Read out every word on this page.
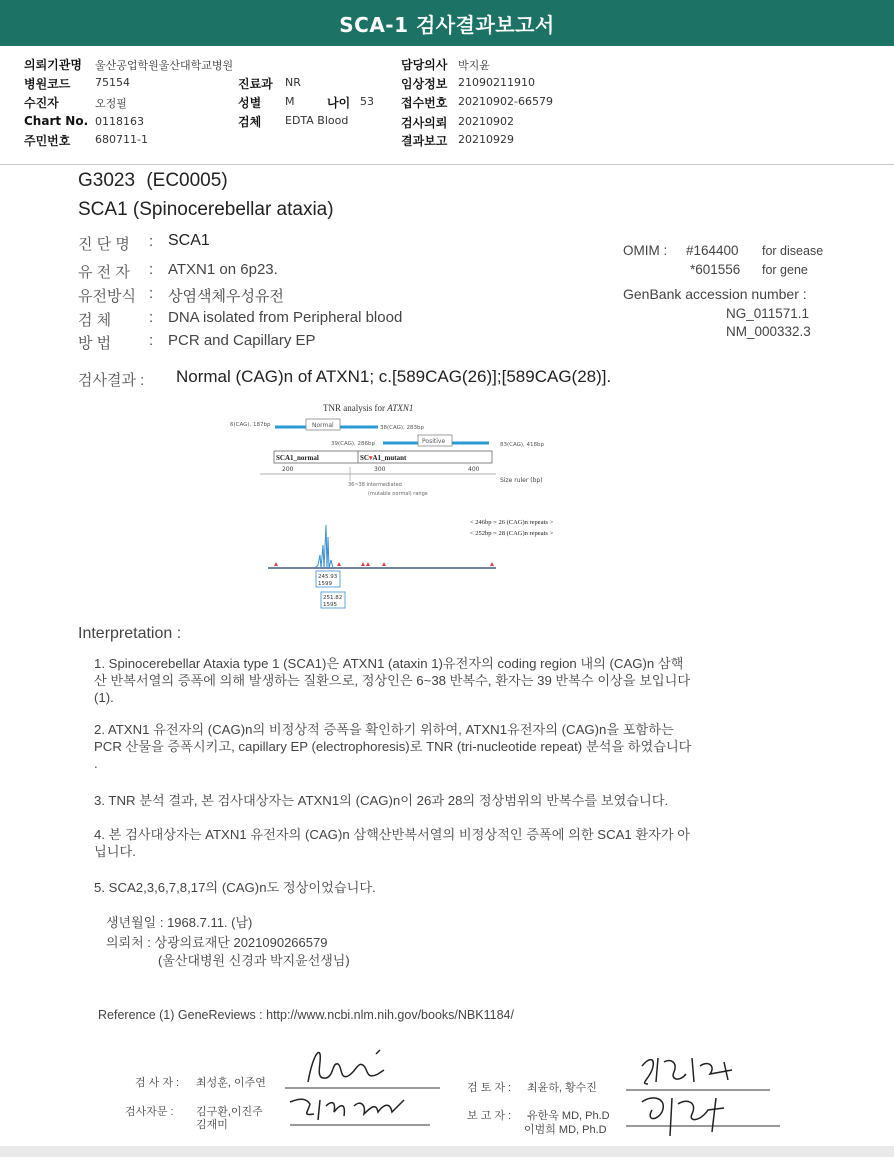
SCA-1 검사결과보고서
의뢰기관명 울산공업학원울산대학교병원
병원코드 75154
수진자	오정필
Chart No. 0118163
주민번호 680711-1
진료과 NR
성별 M	나이 53
검체 EDTA Blood
담당의사 박지윤
임상정보 21090211910
접수번호 20210902-66579
검사의뢰 20210902
결과보고 20210929
G3023 (EC0005)
SCA1 (Spinocerebellar ataxia)
진 단 명 : SCA1
유 전 자 : ATXN1 on 6p23.
유전방식 : 상염색체우성유전
검 체	: DNA isolated from Peripheral blood
방 법	: PCR and Capillary EP
OMIM : #164400 for disease
*601556 for gene
GenBank accession number :
NG_011571.1
NM_000332.3
검사결과 : Normal (CAG)n of ATXN1; c.[589CAG(26)];[589CAG(28)].
TNR analysis for ATXN1
Normal
6(CAG), 187bp	38(CAG), 283bp
Positive
39(CAG), 286bp	83(CAG), 418bp
SCA1_normal	SC▾A1_mutant
200	300	400
Size ruler (bp)
36~38 intermediated
(mutable normal) range
< 246bp = 26 (CAG)n repeats >
< 252bp = 28 (CAG)n repeats >
245.93
1599
251.82
1595
Interpretation :
1. Spinocerebellar Ataxia type 1 (SCA1)은 ATXN1 (ataxin 1)유전자의 coding region 내의 (CAG)n 삼핵
산 반복서열의 증폭에 의해 발생하는 질환으로, 정상인은 6~38 반복수, 환자는 39 반복수 이상을 보입니다
(1).
2. ATXN1 유전자의 (CAG)n의 비정상적 증폭을 확인하기 위하여, ATXN1유전자의 (CAG)n을 포함하는
PCR 산물을 증폭시키고, capillary EP (electrophoresis)로 TNR (tri-nucleotide repeat) 분석을 하였습니다
.
3. TNR 분석 결과, 본 검사대상자는 ATXN1의 (CAG)n이 26과 28의 정상범위의 반복수를 보였습니다.
4. 본 검사대상자는 ATXN1 유전자의 (CAG)n 삼핵산반복서열의 비정상적인 증폭에 의한 SCA1 환자가 아
닙니다.
5. SCA2,3,6,7,8,17의 (CAG)n도 정상이었습니다.
생년월일 : 1968.7.11. (남)
의뢰처 : 상광의료재단 2021090266579
(울산대병원 신경과 박지윤선생님)
Reference (1) GeneReviews : http://www.ncbi.nlm.nih.gov/books/NBK1184/
검 사 자 : 최성훈, 이주연
검사자문 : 김구환,이진주
김재미
검 토 자 : 최윤하, 황수진
보 고 자 : 유한욱 MD, Ph.D
이범희 MD, Ph.D
